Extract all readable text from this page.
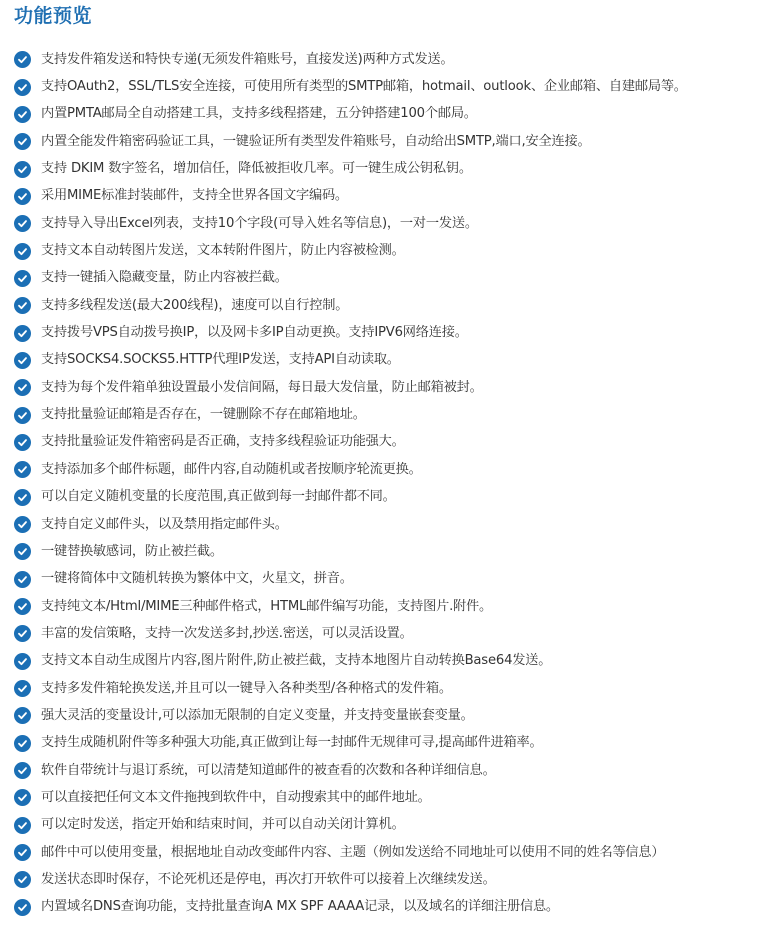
功能预览
支持发件箱发送和特快专递(无须发件箱账号，直接发送)两种方式发送。
支持OAuth2，SSL/TLS安全连接，可使用所有类型的SMTP邮箱，hotmail、outlook、企业邮箱、自建邮局等。
内置PMTA邮局全自动搭建工具，支持多线程搭建，五分钟搭建100个邮局。
内置全能发件箱密码验证工具，一键验证所有类型发件箱账号，自动给出SMTP,端口,安全连接。
支持 DKIM 数字签名，增加信任，降低被拒收几率。可一键生成公钥私钥。
采用MIME标准封装邮件，支持全世界各国文字编码。
支持导入导出Excel列表，支持10个字段(可导入姓名等信息)，一对一发送。
支持文本自动转图片发送，文本转附件图片，防止内容被检测。
支持一键插入隐藏变量，防止内容被拦截。
支持多线程发送(最大200线程)，速度可以自行控制。
支持拨号VPS自动拨号换IP，以及网卡多IP自动更换。支持IPV6网络连接。
支持SOCKS4.SOCKS5.HTTP代理IP发送，支持API自动读取。
支持为每个发件箱单独设置最小发信间隔，每日最大发信量，防止邮箱被封。
支持批量验证邮箱是否存在，一键删除不存在邮箱地址。
支持批量验证发件箱密码是否正确，支持多线程验证功能强大。
支持添加多个邮件标题，邮件内容,自动随机或者按顺序轮流更换。
可以自定义随机变量的长度范围,真正做到每一封邮件都不同。
支持自定义邮件头，以及禁用指定邮件头。
一键替换敏感词，防止被拦截。
一键将简体中文随机转换为繁体中文，火星文，拼音。
支持纯文本/Html/MIME三种邮件格式，HTML邮件编写功能，支持图片.附件。
丰富的发信策略，支持一次发送多封,抄送.密送，可以灵活设置。
支持文本自动生成图片内容,图片附件,防止被拦截，支持本地图片自动转换Base64发送。
支持多发件箱轮换发送,并且可以一键导入各种类型/各种格式的发件箱。
强大灵活的变量设计,可以添加无限制的自定义变量，并支持变量嵌套变量。
支持生成随机附件等多种强大功能,真正做到让每一封邮件无规律可寻,提高邮件进箱率。
软件自带统计与退订系统，可以清楚知道邮件的被查看的次数和各种详细信息。
可以直接把任何文本文件拖拽到软件中，自动搜索其中的邮件地址。
可以定时发送，指定开始和结束时间，并可以自动关闭计算机。
邮件中可以使用变量，根据地址自动改变邮件内容、主题（例如发送给不同地址可以使用不同的姓名等信息）
发送状态即时保存，不论死机还是停电，再次打开软件可以接着上次继续发送。
内置域名DNS查询功能，支持批量查询A MX SPF AAAA记录，以及域名的详细注册信息。
